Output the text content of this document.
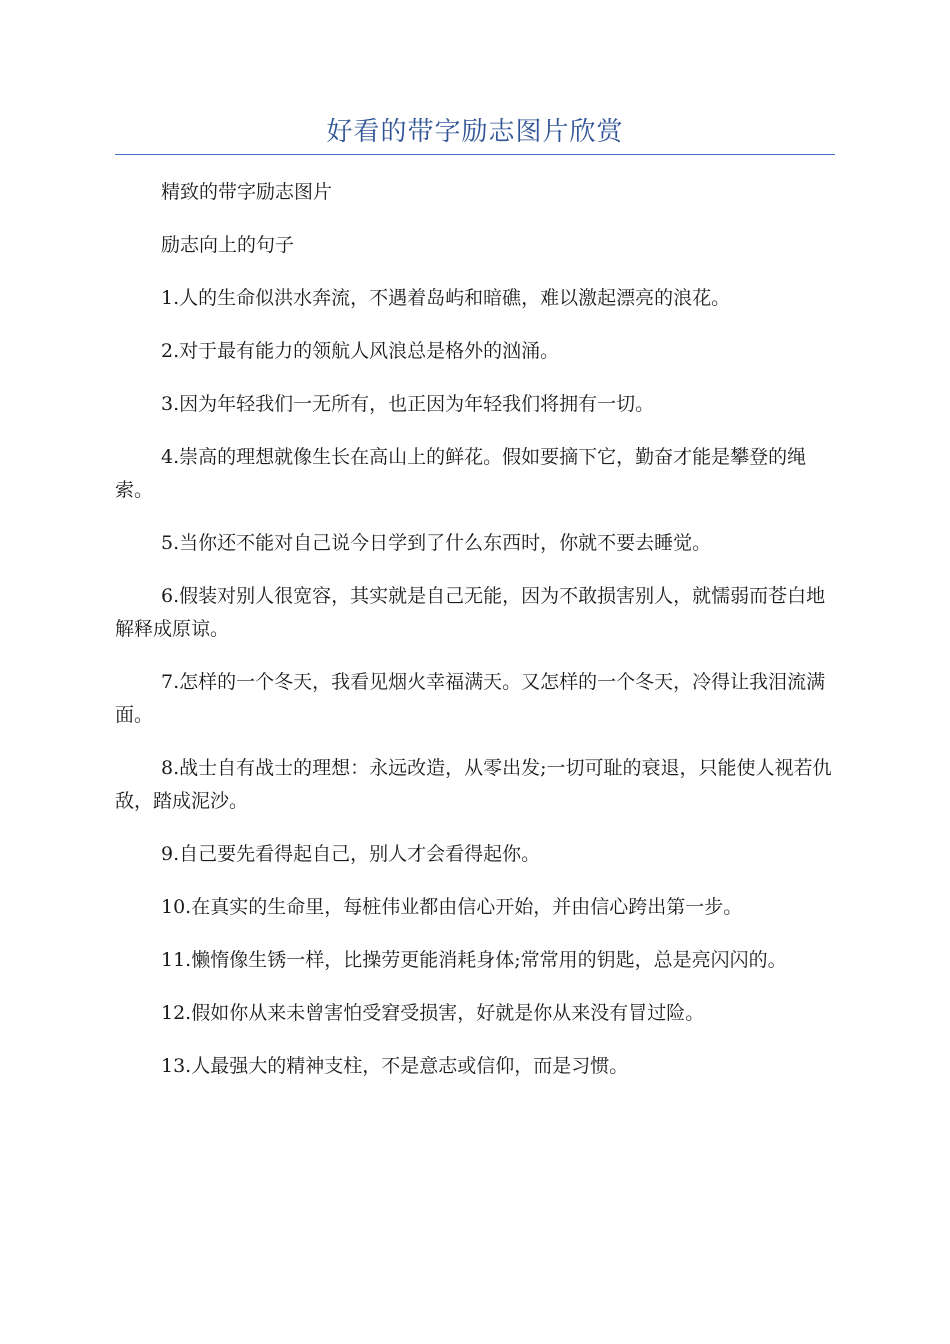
好看的带字励志图片欣赏

精致的带字励志图片

励志向上的句子

1.人的生命似洪水奔流，不遇着岛屿和暗礁，难以激起漂亮的浪花。

2.对于最有能力的领航人风浪总是格外的汹涌。

3.因为年轻我们一无所有，也正因为年轻我们将拥有一切。

4.崇高的理想就像生长在高山上的鲜花。假如要摘下它，勤奋才能是攀登的绳索。

5.当你还不能对自己说今日学到了什么东西时，你就不要去睡觉。

6.假装对别人很宽容，其实就是自己无能，因为不敢损害别人，就懦弱而苍白地解释成原谅。

7.怎样的一个冬天，我看见烟火幸福满天。又怎样的一个冬天，冷得让我泪流满面。

8.战士自有战士的理想：永远改造，从零出发;一切可耻的衰退，只能使人视若仇敌，踏成泥沙。

9.自己要先看得起自己，别人才会看得起你。

10.在真实的生命里，每桩伟业都由信心开始，并由信心跨出第一步。

11.懒惰像生锈一样，比操劳更能消耗身体;常常用的钥匙，总是亮闪闪的。

12.假如你从来未曾害怕受窘受损害，好就是你从来没有冒过险。

13.人最强大的精神支柱，不是意志或信仰，而是习惯。
